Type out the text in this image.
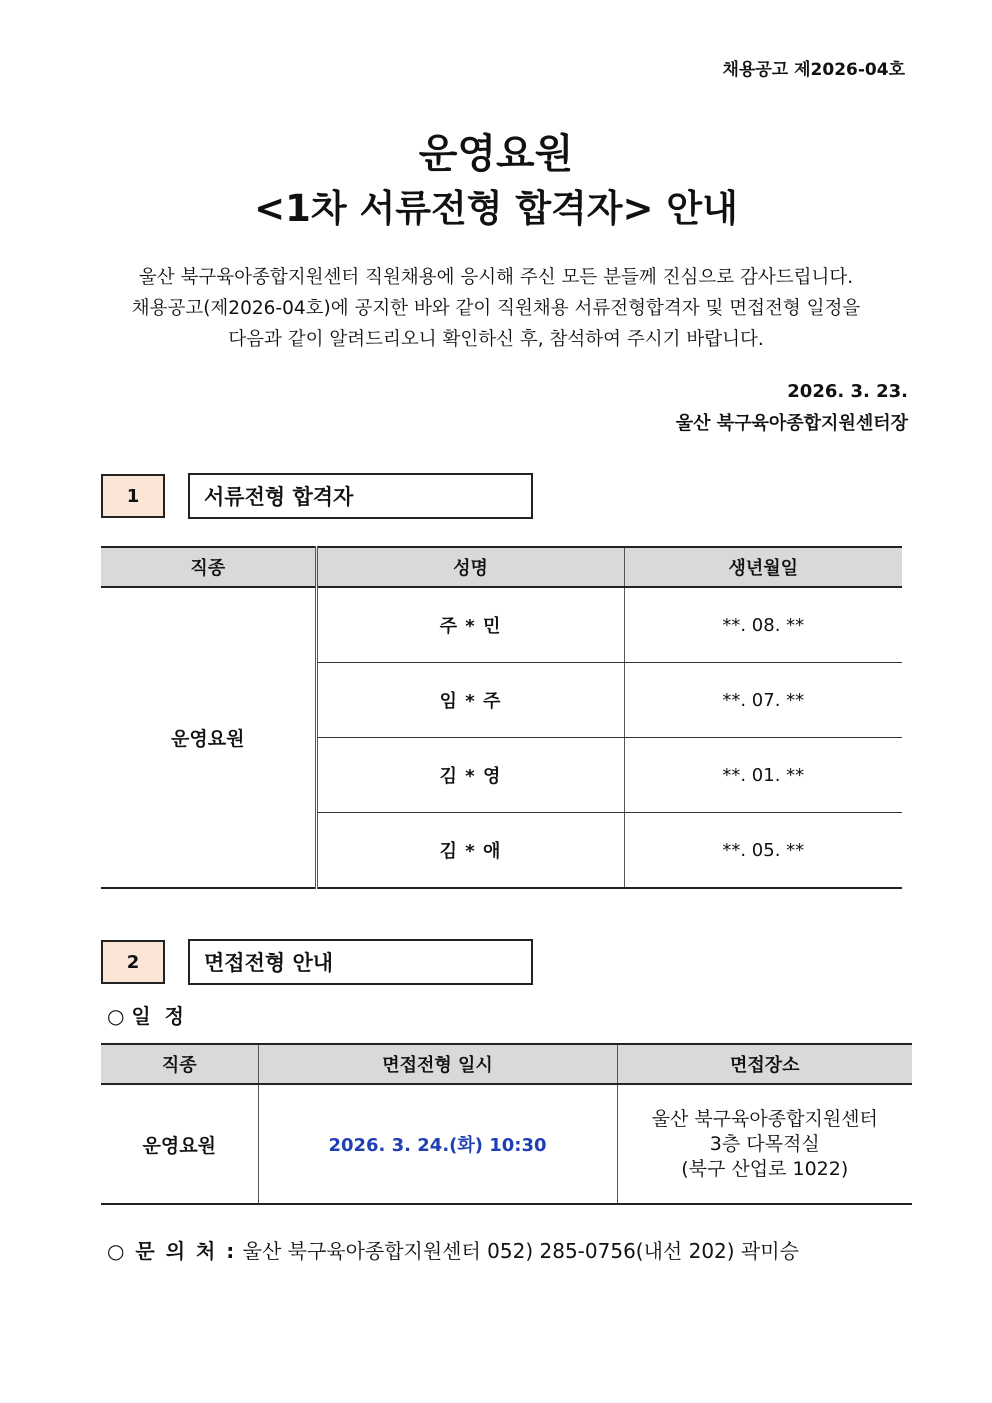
채용공고 제2026-04호
운영요원
<1차 서류전형 합격자> 안내
울산 북구육아종합지원센터 직원채용에 응시해 주신 모든 분들께 진심으로 감사드립니다.
채용공고(제2026-04호)에 공지한 바와 같이 직원채용 서류전형합격자 및 면접전형 일정을
다음과 같이 알려드리오니 확인하신 후, 참석하여 주시기 바랍니다.
2026. 3. 23.
울산 북구육아종합지원센터장
1	서류전형 합격자
직종	성명	생년월일
운영요원	주 * 민	**. 08. **
	임 * 주	**. 07. **
	김 * 영	**. 01. **
	김 * 애	**. 05. **
2	면접전형 안내
○ 일  정
직종	면접전형 일시	면접장소
운영요원	2026. 3. 24.(화) 10:30	울산 북구육아종합지원센터
3층 다목적실
(북구 산업로 1022)
○ 문 의 처 : 울산 북구육아종합지원센터 052) 285-0756(내선 202) 곽미승
